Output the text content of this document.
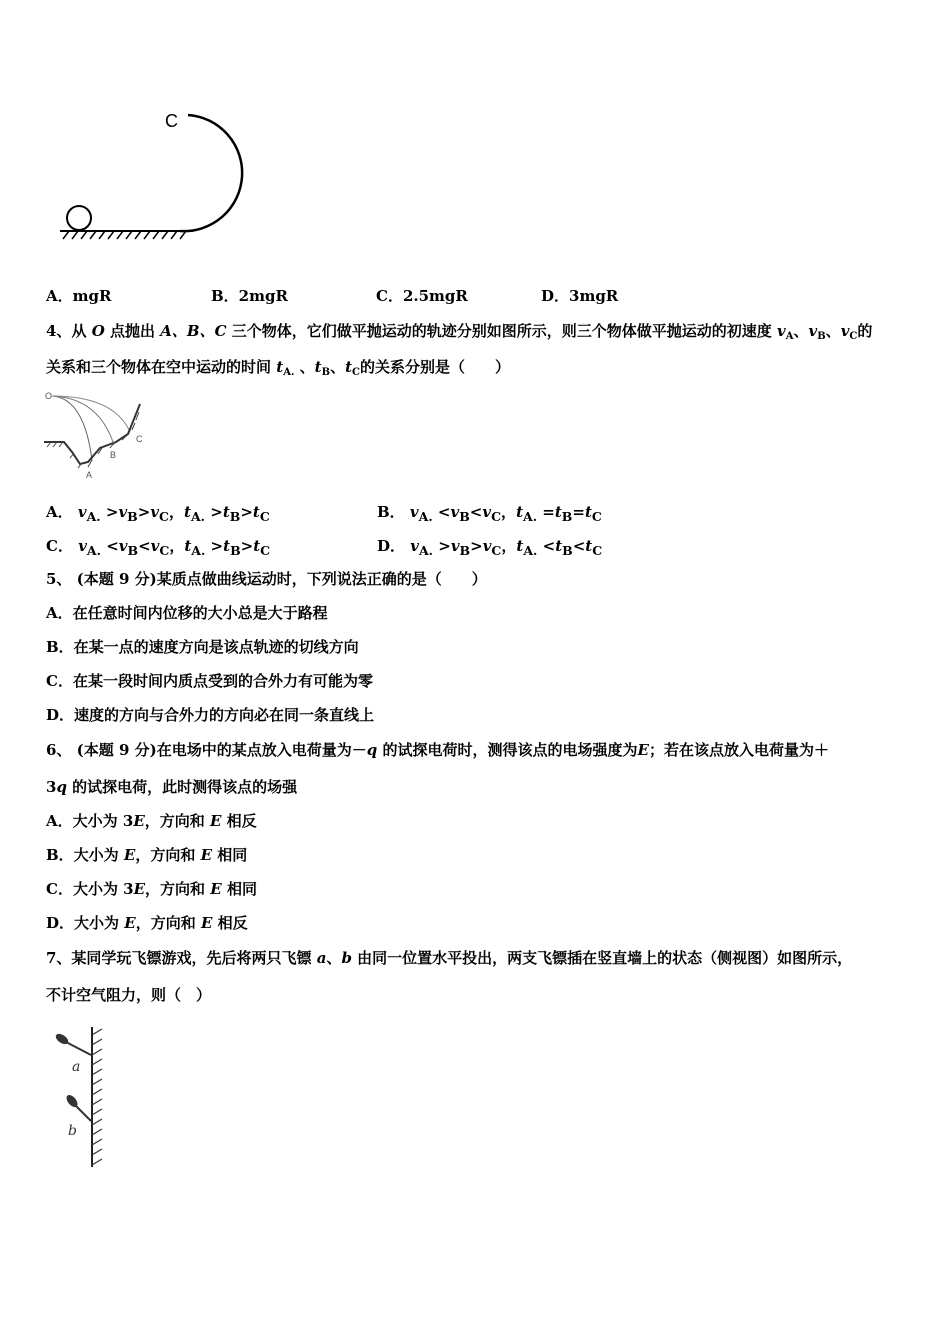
C
A．mgR	B．2mgR	C．2.5mgR	D．3mgR
4、从 O 点抛出 A、B、C 三个物体，它们做平抛运动的轨迹分别如图所示，则三个物体做平抛运动的初速度 $v_A$、$v_B$、$v_C$的
关系和三个物体在空中运动的时间 $t_{A.}$ 、$t_B$、$t_C$的关系分别是（　　）
O
A
B
C
A． $v_{A.} >v_B>v_C$，$t_{A.} >t_B>t_C$	B． $v_{A.} <v_B<v_C$，$t_{A.} =t_B=t_C$
C． $v_{A.} <v_B<v_C$，$t_{A.} >t_B>t_C$	D． $v_{A.} >v_B>v_C$，$t_{A.} <t_B<t_C$
5、 (本题 9 分)某质点做曲线运动时，下列说法正确的是（　　）
A．在任意时间内位移的大小总是大于路程
B．在某一点的速度方向是该点轨迹的切线方向
C．在某一段时间内质点受到的合外力有可能为零
D．速度的方向与合外力的方向必在同一条直线上
6、 (本题 9 分)在电场中的某点放入电荷量为－q 的试探电荷时，测得该点的电场强度为E；若在该点放入电荷量为＋
3q 的试探电荷，此时测得该点的场强
A．大小为 3E，方向和 E 相反
B．大小为 E，方向和 E 相同
C．大小为 3E，方向和 E 相同
D．大小为 E，方向和 E 相反
7、某同学玩飞镖游戏，先后将两只飞镖 a、b 由同一位置水平投出，两支飞镖插在竖直墙上的状态（侧视图）如图所示，
不计空气阻力，则（　）
a
b
